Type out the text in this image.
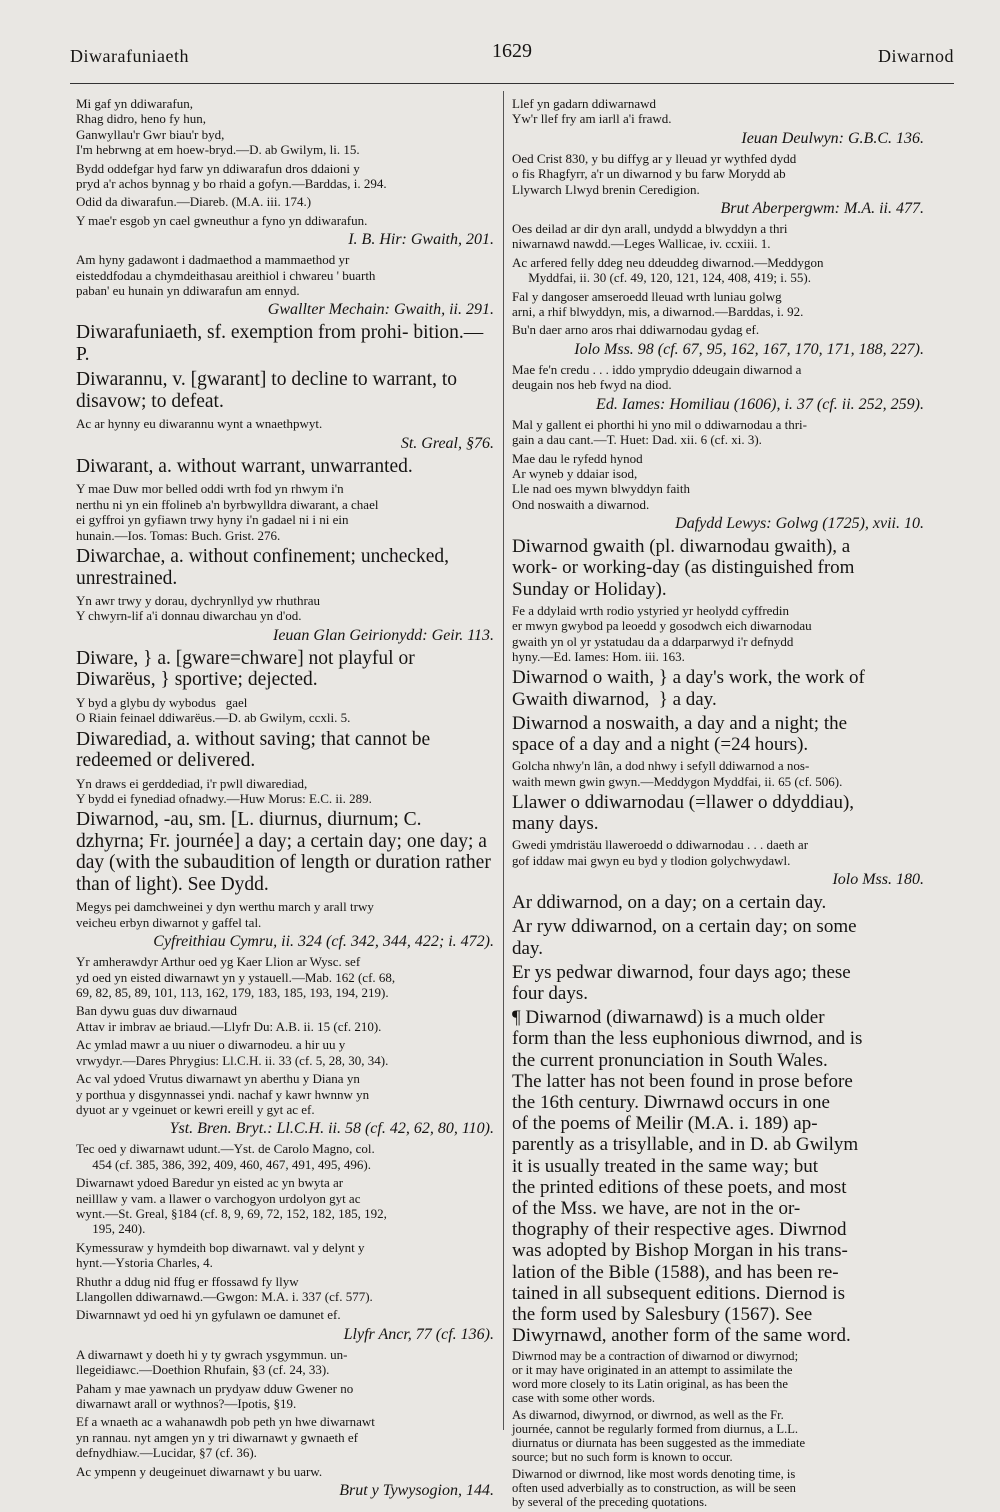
Diwarafuniaeth	1629	Diwarnod
Mi gaf yn ddiwarafun,
Rhag didro, heno fy hun,
Ganwyllau'r Gwr biau'r byd,
I'm hebrwng at em hoew-bryd.—D. ab Gwilym, li. 15.
Bydd oddefgar hyd farw yn ddiwarafun dros ddaioni y
pryd a'r achos bynnag y bo rhaid a gofyn.—Barddas, i. 294.
Odid da diwarafun.—Diareb. (M.A. iii. 174.)
Y mae'r esgob yn cael gwneuthur a fyno yn ddiwarafun.
I. B. Hir: Gwaith, 201.
Am hyny gadawont i dadmaethod a mammaethod yr
eisteddfodau a chymdeithasau areithiol i chwareu ' buarth
paban' eu hunain yn ddiwarafun am ennyd.
Gwallter Mechain: Gwaith, ii. 291.
Diwarafuniaeth, sf. exemption from prohi- bition.—P.
Diwarannu, v. [gwarant] to decline to warrant, to disavow; to defeat.
Ac ar hynny eu diwarannu wynt a wnaethpwyt.
St. Greal, §76.
Diwarant, a. without warrant, unwarranted.
Y mae Duw mor belled oddi wrth fod yn rhwym i'n
nerthu ni yn ein ffolineb a'n byrbwylldra diwarant, a chael
ei gyffroi yn gyfiawn trwy hyny i'n gadael ni i ni ein
hunain.—Ios. Tomas: Buch. Grist. 276.
Diwarchae, a. without confinement; unchecked, unrestrained.
Yn awr trwy y dorau, dychrynllyd yw rhuthrau
Y chwyrn-lif a'i donnau diwarchau yn d'od.
Ieuan Glan Geirionydd: Geir. 113.
Diware, } a. [gware=chware] not playful or Diwarëus, } sportive; dejected.
Y byd a glybu dy wybodus   gael
O Riain feinael ddiwarëus.—D. ab Gwilym, ccxli. 5.
Diwarediad, a. without saving; that cannot be redeemed or delivered.
Yn draws ei gerddediad, i'r pwll diwarediad,
Y bydd ei fynediad ofnadwy.—Huw Morus: E.C. ii. 289.
Diwarnod, -au, sm. [L. diurnus, diurnum; C. dzhyrna; Fr. journée] a day; a certain day; one day; a day (with the subaudition of length or duration rather than of light). See Dydd.
Megys pei damchweinei y dyn werthu march y arall trwy
veicheu erbyn diwarnot y gaffel tal.
Cyfreithiau Cymru, ii. 324 (cf. 342, 344, 422; i. 472).
Yr amherawdyr Arthur oed yg Kaer Llion ar Wysc. sef
yd oed yn eisted diwarnawt yn y ystauell.—Mab. 162 (cf. 68,
69, 82, 85, 89, 101, 113, 162, 179, 183, 185, 193, 194, 219).
Ban dywu guas duv diwarnaud
Attav ir imbrav ae briaud.—Llyfr Du: A.B. ii. 15 (cf. 210).
Ac ymlad mawr a uu niuer o diwarnodeu. a hir uu y
vrwydyr.—Dares Phrygius: Ll.C.H. ii. 33 (cf. 5, 28, 30, 34).
Ac val ydoed Vrutus diwarnawt yn aberthu y Diana yn
y porthua y disgynnassei yndi. nachaf y kawr hwnnw yn
dyuot ar y vgeinuet or kewri ereill y gyt ac ef.
Yst. Bren. Bryt.: Ll.C.H. ii. 58 (cf. 42, 62, 80, 110).
Tec oed y diwarnawt udunt.—Yst. de Carolo Magno, col.
454 (cf. 385, 386, 392, 409, 460, 467, 491, 495, 496).
Diwarnawt ydoed Baredur yn eisted ac yn bwyta ar
neilllaw y vam. a llawer o varchogyon urdolyon gyt ac
wynt.—St. Greal, §184 (cf. 8, 9, 69, 72, 152, 182, 185, 192,
195, 240).
Kymessuraw y hymdeith bop diwarnawt. val y delynt y
hynt.—Ystoria Charles, 4.
Rhuthr a ddug nid ffug er ffossawd fy llyw
Llangollen ddiwarnawd.—Gwgon: M.A. i. 337 (cf. 577).
Diwarnnawt yd oed hi yn gyfulawn oe damunet ef.
Llyfr Ancr, 77 (cf. 136).
A diwarnawt y doeth hi y ty gwrach ysgymmun. un-
llegeidiawc.—Doethion Rhufain, §3 (cf. 24, 33).
Paham y mae yawnach un prydyaw dduw Gwener no
diwarnawt arall or wythnos?—Ipotis, §19.
Ef a wnaeth ac a wahanawdh pob peth yn hwe diwarnawt
yn rannau. nyt amgen yn y tri diwarnawt y gwnaeth ef
defnydhiaw.—Lucidar, §7 (cf. 36).
Ac ympenn y deugeinuet diwarnawt y bu uarw.
Brut y Tywysogion, 144.
Llef yn gadarn ddiwarnawd
Yw'r llef fry am iarll a'i frawd.
Ieuan Deulwyn: G.B.C. 136.
Oed Crist 830, y bu diffyg ar y lleuad yr wythfed dydd
o fis Rhagfyrr, a'r un diwarnod y bu farw Morydd ab
Llywarch Llwyd brenin Ceredigion.
Brut Aberpergwm: M.A. ii. 477.
Oes deilad ar dir dyn arall, undydd a blwyddyn a thri
niwarnawd nawdd.—Leges Wallicae, iv. ccxiii. 1.
Ac arfered felly ddeg neu ddeuddeg diwarnod.—Meddygon
Myddfai, ii. 30 (cf. 49, 120, 121, 124, 408, 419; i. 55).
Fal y dangoser amseroedd lleuad wrth luniau golwg
arni, a rhif blwyddyn, mis, a diwarnod.—Barddas, i. 92.
Bu'n daer arno aros rhai ddiwarnodau gydag ef.
Iolo Mss. 98 (cf. 67, 95, 162, 167, 170, 171, 188, 227).
Mae fe'n credu . . . iddo ymprydio ddeugain diwarnod a
deugain nos heb fwyd na diod.
Ed. Iames: Homiliau (1606), i. 37 (cf. ii. 252, 259).
Mal y gallent ei phorthi hi yno mil o ddiwarnodau a thri-
gain a dau cant.—T. Huet: Dad. xii. 6 (cf. xi. 3).
Mae dau le ryfedd hynod
Ar wyneb y ddaiar isod,
Lle nad oes mywn blwyddyn faith
Ond noswaith a diwarnod.
Dafydd Lewys: Golwg (1725), xvii. 10.
Diwarnod gwaith (pl. diwarnodau gwaith), a
work- or working-day (as distinguished from
Sunday or Holiday).
Fe a ddylaid wrth rodio ystyried yr heolydd cyffredin
er mwyn gwybod pa leoedd y gosodwch eich diwarnodau
gwaith yn ol yr ystatudau da a ddarparwyd i'r defnydd
hyny.—Ed. Iames: Hom. iii. 163.
Diwarnod o waith, } a day's work, the work of
Gwaith diwarnod,  } a day.
Diwarnod a noswaith, a day and a night; the
space of a day and a night (=24 hours).
Golcha nhwy'n lân, a dod nhwy i sefyll ddiwarnod a nos-
waith mewn gwin gwyn.—Meddygon Myddfai, ii. 65 (cf. 506).
Llawer o ddiwarnodau (=llawer o ddyddiau),
many days.
Gwedi ymdristäu llaweroedd o ddiwarnodau . . . daeth ar
gof iddaw mai gwyn eu byd y tlodion golychwydawl.
Iolo Mss. 180.
Ar ddiwarnod, on a day; on a certain day.
Ar ryw ddiwarnod, on a certain day; on some
day.
Er ys pedwar diwarnod, four days ago; these
four days.
¶ Diwarnod (diwarnawd) is a much older
form than the less euphonious diwrnod, and is
the current pronunciation in South Wales.
The latter has not been found in prose before
the 16th century. Diwrnawd occurs in one
of the poems of Meilir (M.A. i. 189) ap-
parently as a trisyllable, and in D. ab Gwilym
it is usually treated in the same way; but
the printed editions of these poets, and most
of the Mss. we have, are not in the or-
thography of their respective ages. Diwrnod
was adopted by Bishop Morgan in his trans-
lation of the Bible (1588), and has been re-
tained in all subsequent editions. Diernod is
the form used by Salesbury (1567). See
Diwyrnawd, another form of the same word.
Diwrnod may be a contraction of diwarnod or diwyrnod;
or it may have originated in an attempt to assimilate the
word more closely to its Latin original, as has been the
case with some other words.
As diwarnod, diwyrnod, or diwrnod, as well as the Fr.
journée, cannot be regularly formed from diurnus, a L.L.
diurnatus or diurnata has been suggested as the immediate
source; but no such form is known to occur.
Diwarnod or diwrnod, like most words denoting time, is
often used adverbially as to construction, as will be seen
by several of the preceding quotations.
